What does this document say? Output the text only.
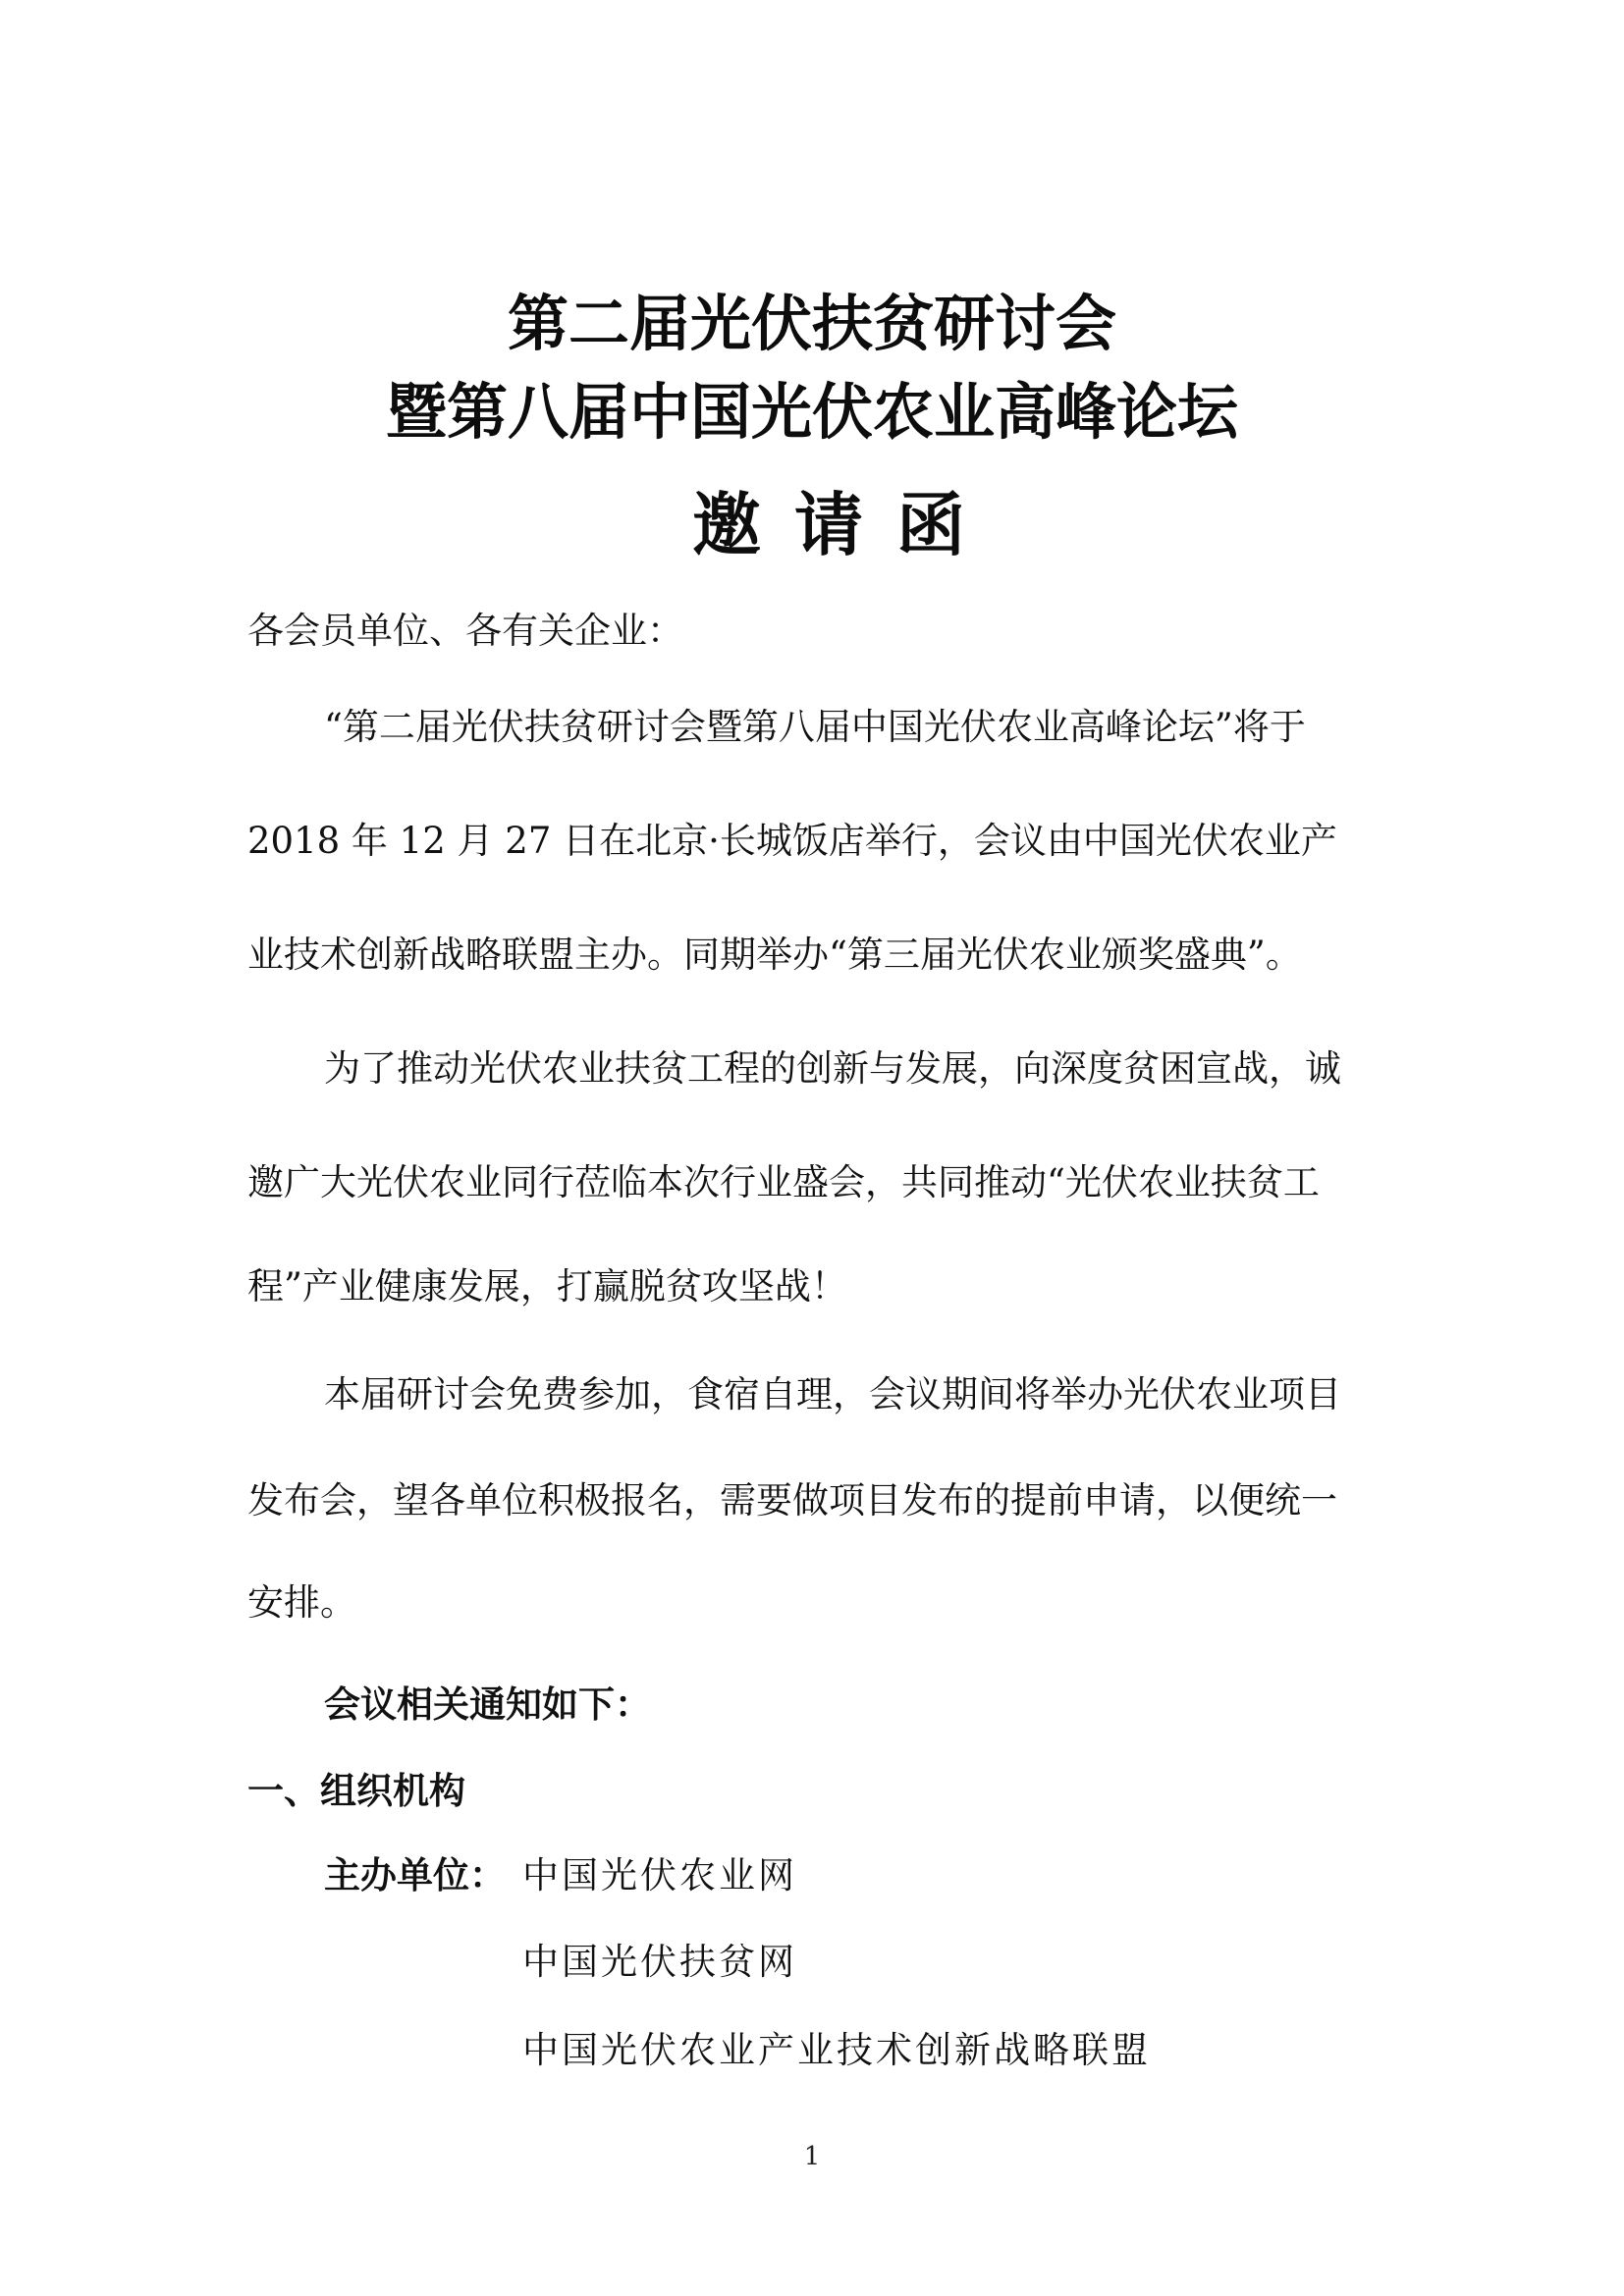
第二届光伏扶贫研讨会
暨第八届中国光伏农业高峰论坛
邀请函
各会员单位、各有关企业：
“第二届光伏扶贫研讨会暨第八届中国光伏农业高峰论坛”将于
2018 年 12 月 27 日在北京·长城饭店举行，会议由中国光伏农业产
业技术创新战略联盟主办。同期举办“第三届光伏农业颁奖盛典”。
为了推动光伏农业扶贫工程的创新与发展，向深度贫困宣战，诚
邀广大光伏农业同行莅临本次行业盛会，共同推动“光伏农业扶贫工
程”产业健康发展，打赢脱贫攻坚战！
本届研讨会免费参加，食宿自理，会议期间将举办光伏农业项目
发布会，望各单位积极报名，需要做项目发布的提前申请，以便统一
安排。
会议相关通知如下：
一、组织机构
主办单位： 中国光伏农业网
中国光伏扶贫网
中国光伏农业产业技术创新战略联盟
1
